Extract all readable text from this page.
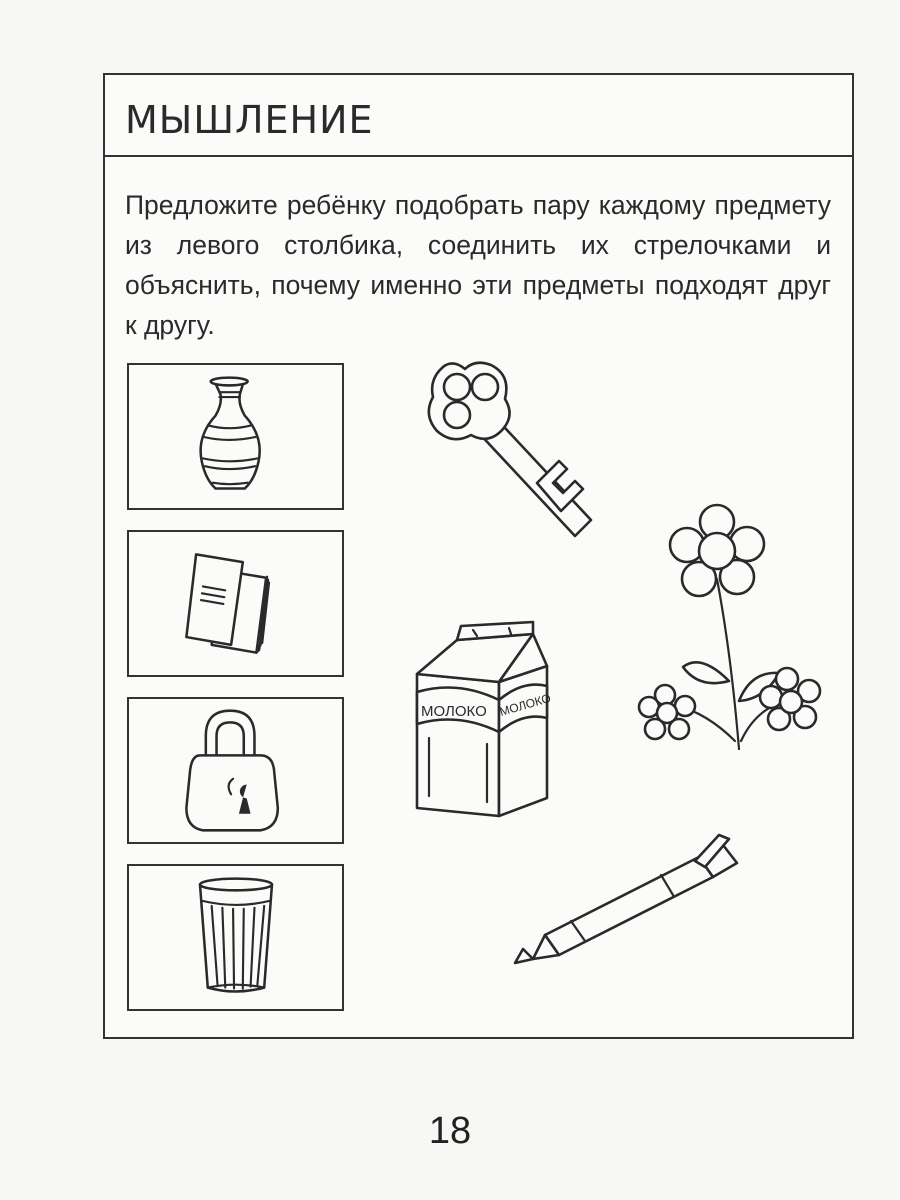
МЫШЛЕНИЕ

Предложите ребёнку подобрать пару каждому предмету из левого столбика, соединить их стрелочками и объяснить, почему именно эти предметы подходят друг к другу.

МОЛОКО МОЛОКО
18
